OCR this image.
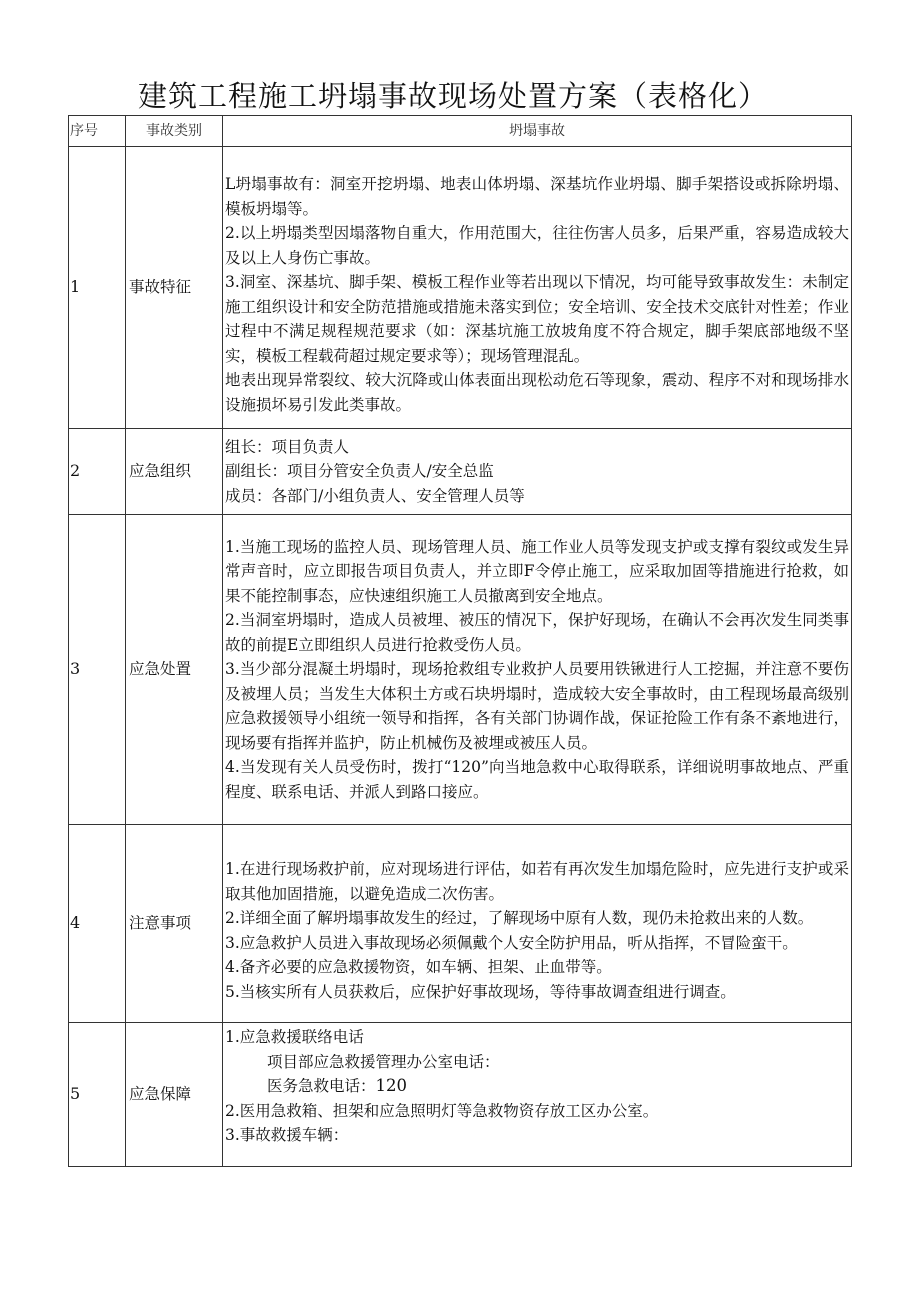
建筑工程施工坍塌事故现场处置方案（表格化）
序号	事故类别	坍塌事故
1	事故特征	L坍塌事故有：洞室开挖坍塌、地表山体坍塌、深基坑作业坍塌、脚手架搭设或拆除坍塌、模板坍塌等。
2.以上坍塌类型因塌落物自重大，作用范围大，往往伤害人员多，后果严重，容易造成较大及以上人身伤亡事故。
3.洞室、深基坑、脚手架、模板工程作业等若出现以下情况，均可能导致事故发生：未制定施工组织设计和安全防范措施或措施未落实到位；安全培训、安全技术交底针对性差；作业过程中不满足规程规范要求（如：深基坑施工放坡角度不符合规定，脚手架底部地级不坚实，模板工程载荷超过规定要求等）；现场管理混乱。
地表出现异常裂纹、较大沉降或山体表面出现松动危石等现象，震动、程序不对和现场排水设施损坏易引发此类事故。

2	应急组织	组长：项目负责人
副组长：项目分管安全负责人/安全总监
成员：各部门/小组负责人、安全管理人员等

3	应急处置	1.当施工现场的监控人员、现场管理人员、施工作业人员等发现支护或支撑有裂纹或发生异常声音时，应立即报告项目负责人，并立即F令停止施工，应采取加固等措施进行抢救，如果不能控制事态，应快速组织施工人员撤离到安全地点。
2.当洞室坍塌时，造成人员被埋、被压的情况下，保护好现场，在确认不会再次发生同类事故的前提E立即组织人员进行抢救受伤人员。
3.当少部分混凝土坍塌时，现场抢救组专业救护人员要用铁锹进行人工挖掘，并注意不要伤及被埋人员；当发生大体积土方或石块坍塌时，造成较大安全事故时，由工程现场最高级别应急救援领导小组统一领导和指挥，各有关部门协调作战，保证抢险工作有条不紊地进行，现场要有指挥并监护，防止机械伤及被埋或被压人员。
4.当发现有关人员受伤时，拨打“120”向当地急救中心取得联系，详细说明事故地点、严重程度、联系电话、并派人到路口接应。

4	注意事项	1.在进行现场救护前，应对现场进行评估，如若有再次发生加塌危险时，应先进行支护或采取其他加固措施，以避免造成二次伤害。
2.详细全面了解坍塌事故发生的经过，了解现场中原有人数，现仍未抢救出来的人数。
3.应急救护人员进入事故现场必须佩戴个人安全防护用品，听从指挥，不冒险蛮干。
4.备齐必要的应急救援物资，如车辆、担架、止血带等。
5.当核实所有人员获救后，应保护好事故现场，等待事故调查组进行调查。

5	应急保障	1.应急救援联络电话
项目部应急救援管理办公室电话：
医务急救电话：120
2.医用急救箱、担架和应急照明灯等急救物资存放工区办公室。
3.事故救援车辆：
